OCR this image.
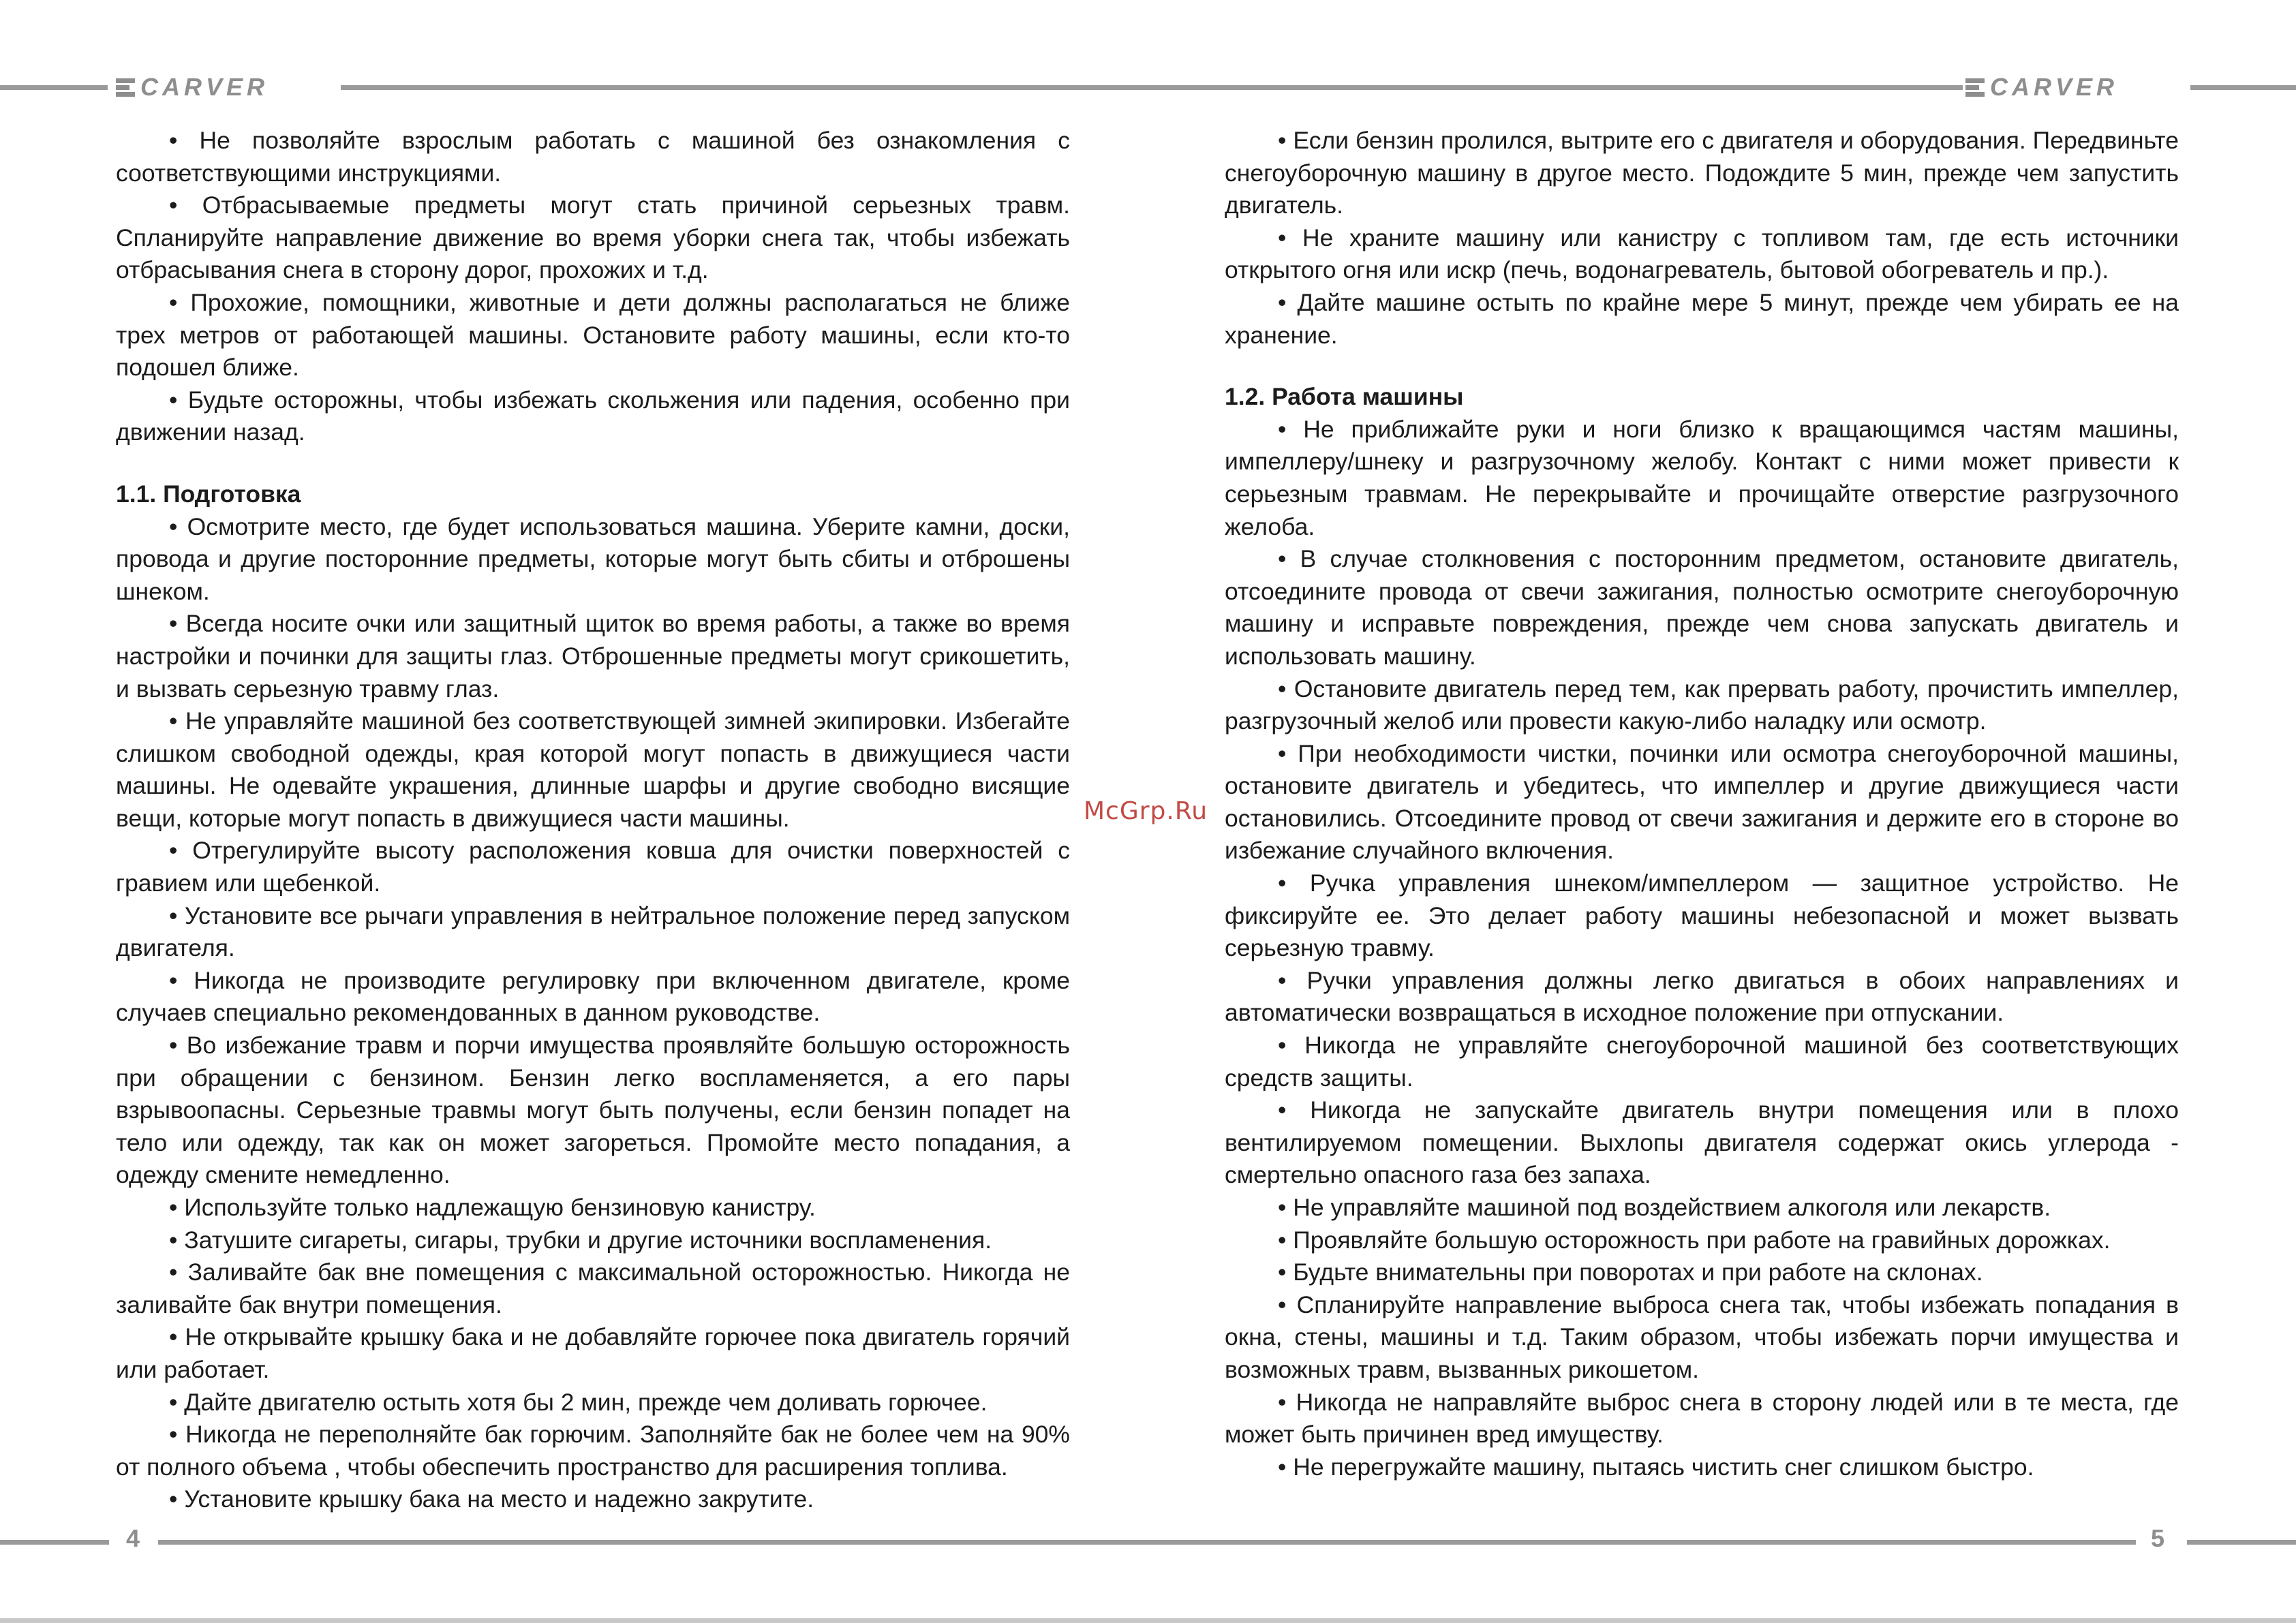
CARVER

• Не позволяйте взрослым работать с машиной без ознакомления с соответствующими инструкциями.

• Отбрасываемые предметы могут стать причиной серьезных травм. Спланируйте направление движение во время уборки снега так, чтобы избежать отбрасывания снега в сторону дорог, прохожих и т.д.

• Прохожие, помощники, животные и дети должны располагаться не ближе трех метров от работающей машины. Остановите работу машины, если кто-то подошел ближе.

• Будьте осторожны, чтобы избежать скольжения или падения, особенно при движении назад.

1.1. Подготовка

• Осмотрите место, где будет использоваться машина. Уберите камни, доски, провода и другие посторонние предметы, которые могут быть сбиты и отброшены шнеком.

• Всегда носите очки или защитный щиток во время работы, а также во время настройки и починки для защиты глаз. Отброшенные предметы могут срикошетить, и вызвать серьезную травму глаз.

• Не управляйте машиной без соответствующей зимней экипировки. Избегайте слишком свободной одежды, края которой могут попасть в движущиеся части машины. Не одевайте украшения, длинные шарфы и другие свободно висящие вещи, которые могут попасть в движущиеся части машины.

• Отрегулируйте высоту расположения ковша для очистки поверхностей с гравием или щебенкой.

• Установите все рычаги управления в нейтральное положение перед запуском двигателя.

• Никогда не производите регулировку при включенном двигателе, кроме случаев специально рекомендованных в данном руководстве.

• Во избежание травм и порчи имущества проявляйте большую осторожность при обращении с бензином. Бензин легко воспламеняется, а его пары взрывоопасны. Серьезные травмы могут быть получены, если бензин попадет на тело или одежду, так как он может загореться. Промойте место попадания, а одежду смените немедленно.

• Используйте только надлежащую бензиновую канистру.

• Затушите сигареты, сигары, трубки и другие источники воспламенения.

• Заливайте бак вне помещения с максимальной осторожностью. Никогда не заливайте бак внутри помещения.

• Не открывайте крышку бака и не добавляйте горючее пока двигатель горячий или работает.

• Дайте двигателю остыть хотя бы 2 мин, прежде чем доливать горючее.

• Никогда не переполняйте бак горючим. Заполняйте бак не более чем на 90% от полного объема , чтобы обеспечить пространство для расширения топлива.

• Установите крышку бака на место и надежно закрутите.

4
CARVER

• Если бензин пролился, вытрите его с двигателя и оборудования. Передвиньте снегоуборочную машину в другое место. Подождите 5 мин, прежде чем запустить двигатель.

• Не храните машину или канистру с топливом там, где есть источники открытого огня или искр (печь, водонагреватель, бытовой обогреватель и пр.).

• Дайте машине остыть по крайне мере 5 минут, прежде чем убирать ее на хранение.

1.2. Работа машины

• Не приближайте руки и ноги близко к вращающимся частям машины, импеллеру/шнеку и разгрузочному желобу. Контакт с ними может привести к серьезным травмам. Не перекрывайте и прочищайте отверстие разгрузочного желоба.

• В случае столкновения с посторонним предметом, остановите двигатель, отсоедините провода от свечи зажигания, полностью осмотрите снегоуборочную машину и исправьте повреждения, прежде чем снова запускать двигатель и использовать машину.

• Остановите двигатель перед тем, как прервать работу, прочистить импеллер, разгрузочный желоб или провести какую-либо наладку или осмотр.

• При необходимости чистки, починки или осмотра снегоуборочной машины, остановите двигатель и убедитесь, что импеллер и другие движущиеся части остановились. Отсоедините провод от свечи зажигания и держите его в стороне во избежание случайного включения.

• Ручка управления шнеком/импеллером — защитное устройство. Не фиксируйте ее. Это делает работу машины небезопасной и может вызвать серьезную травму.

• Ручки управления должны легко двигаться в обоих направлениях и автоматически возвращаться в исходное положение при отпускании.

• Никогда не управляйте снегоуборочной машиной без соответствующих средств защиты.

• Никогда не запускайте двигатель внутри помещения или в плохо вентилируемом помещении. Выхлопы двигателя содержат окись углерода - смертельно опасного газа без запаха.

• Не управляйте машиной под воздействием алкоголя или лекарств.

• Проявляйте большую осторожность при работе на гравийных дорожках.

• Будьте внимательны при поворотах и при работе на склонах.

• Спланируйте направление выброса снега так, чтобы избежать попадания в окна, стены, машины и т.д. Таким образом, чтобы избежать порчи имущества и возможных травм, вызванных рикошетом.

• Никогда не направляйте выброс снега в сторону людей или в те места, где может быть причинен вред имуществу.

• Не перегружайте машину, пытаясь чистить снег слишком быстро.

5
McGrp.Ru
